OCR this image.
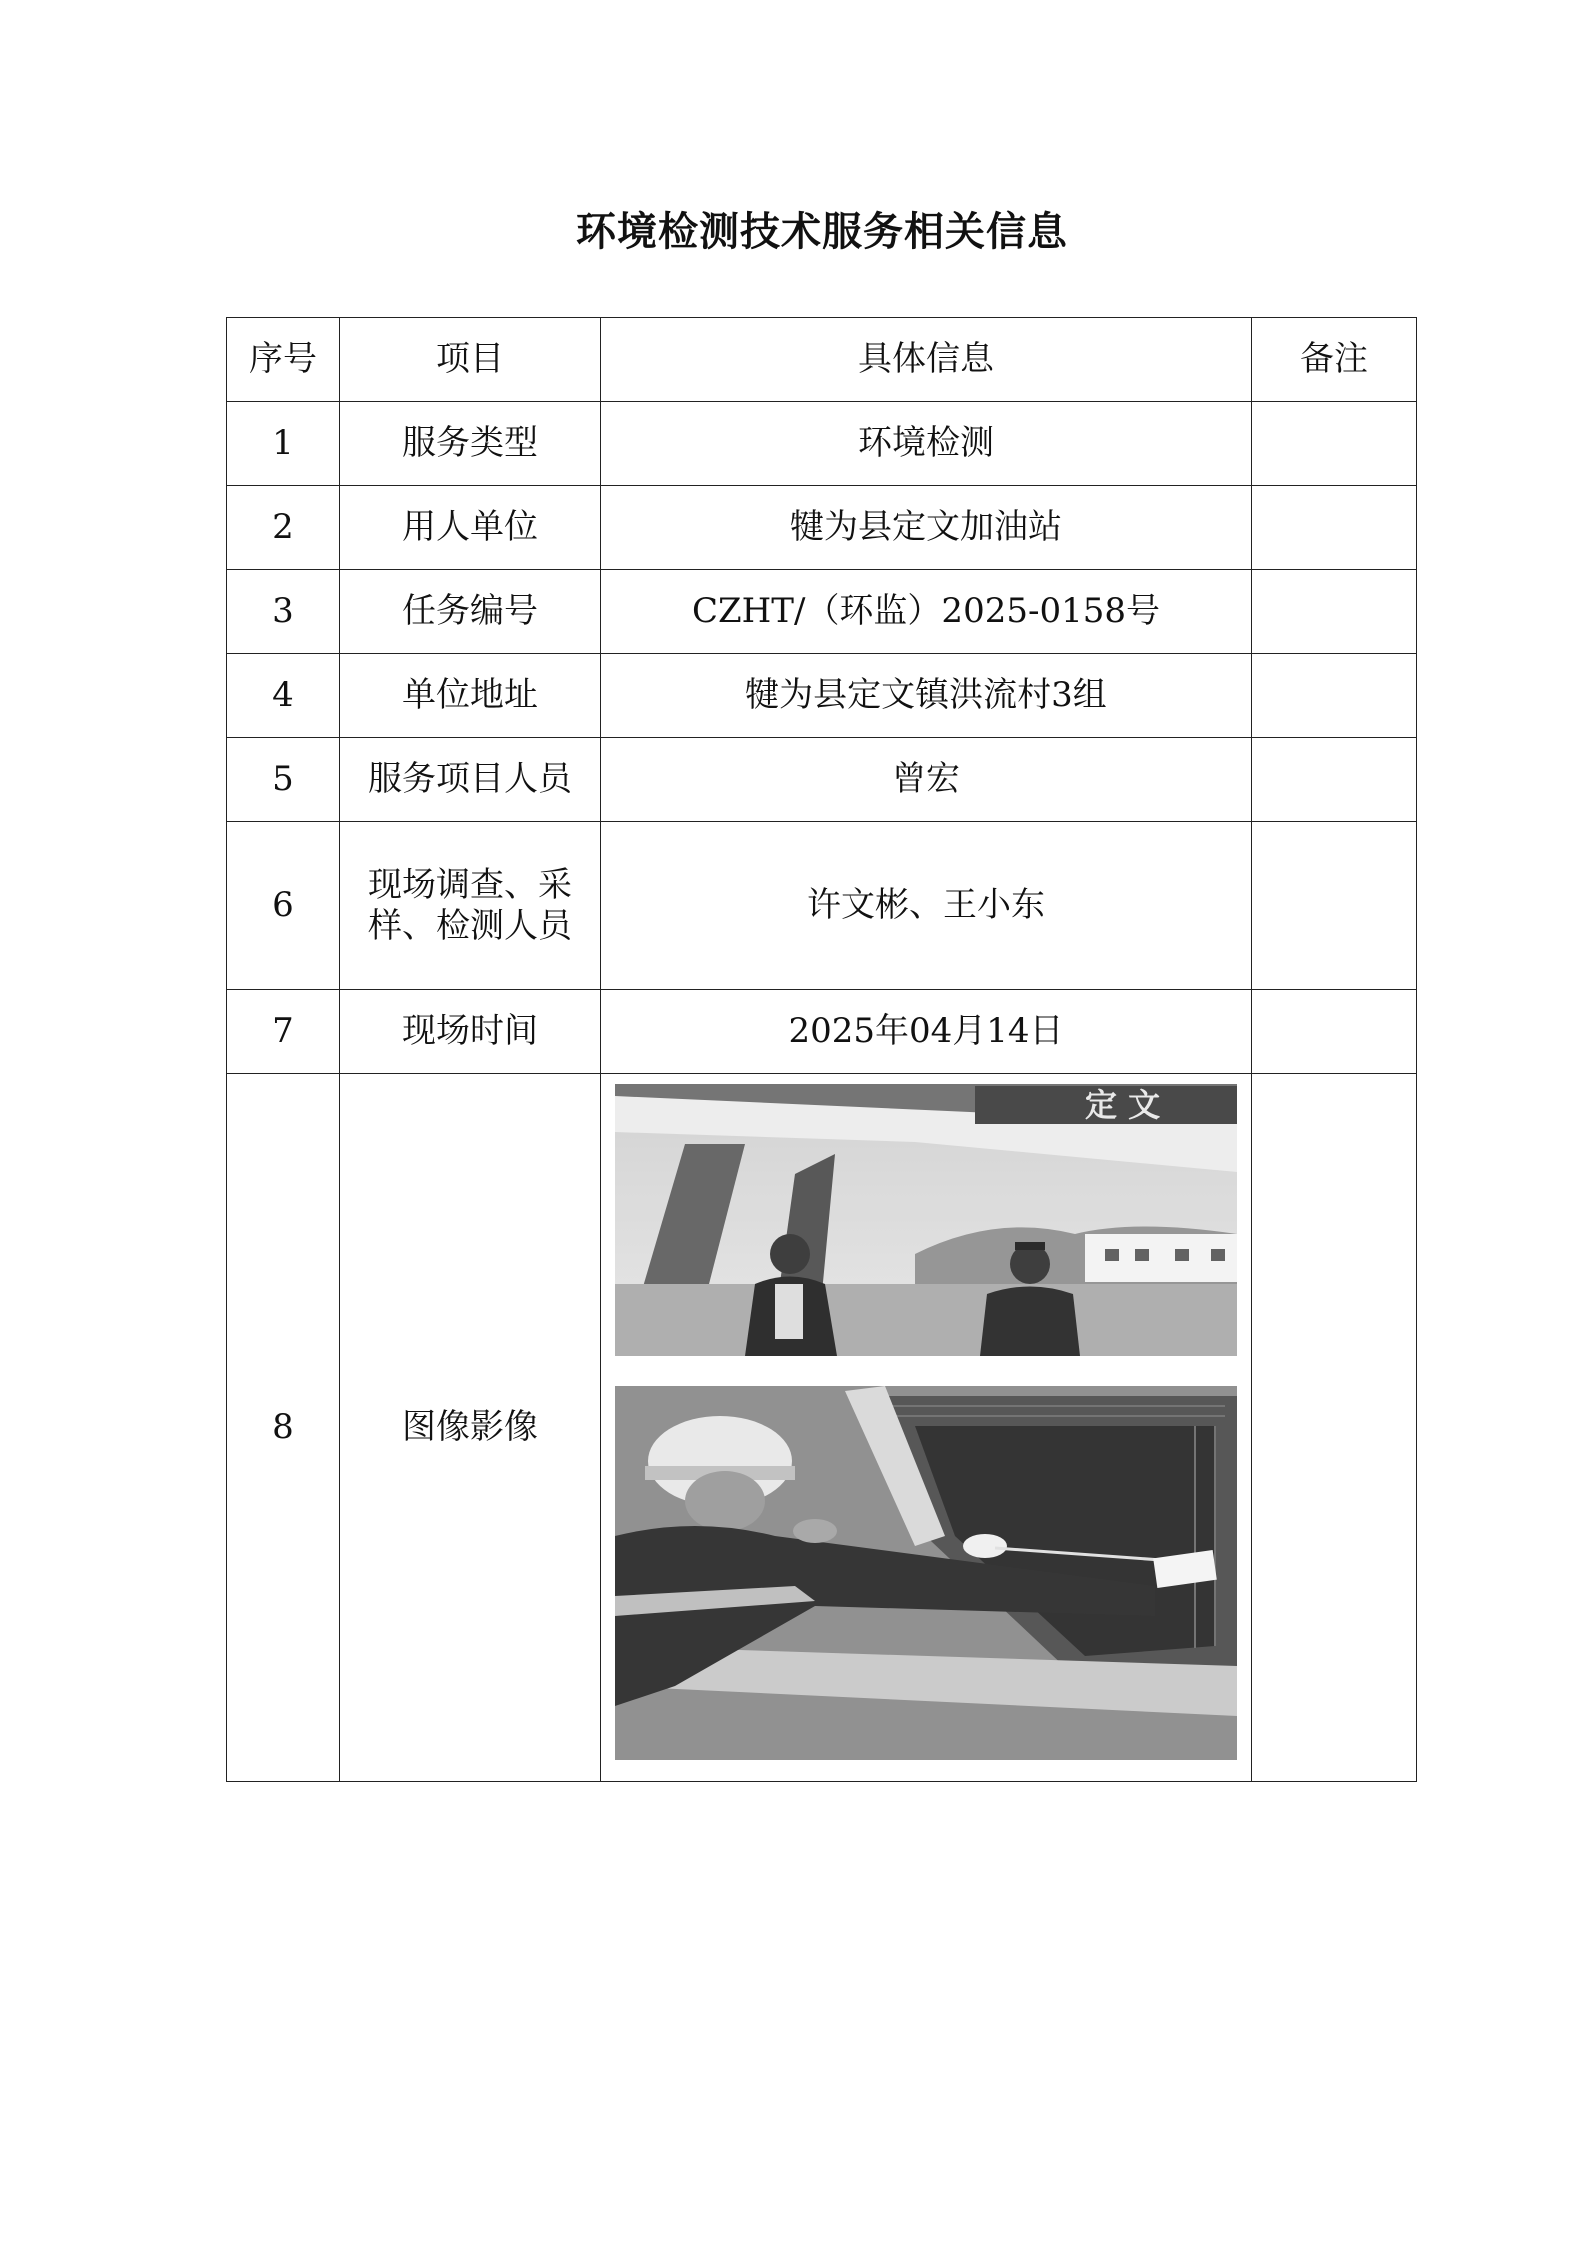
环境检测技术服务相关信息
序号	项目	具体信息	备注
1	服务类型	环境检测	
2	用人单位	犍为县定文加油站	
3	任务编号	CZHT/（环监）2025-0158号	
4	单位地址	犍为县定文镇洪流村3组	
5	服务项目人员	曾宏	
6	现场调查、采样、检测人员	许文彬、王小东	
7	现场时间	2025年04月14日	
8	图像影像	定 文	
